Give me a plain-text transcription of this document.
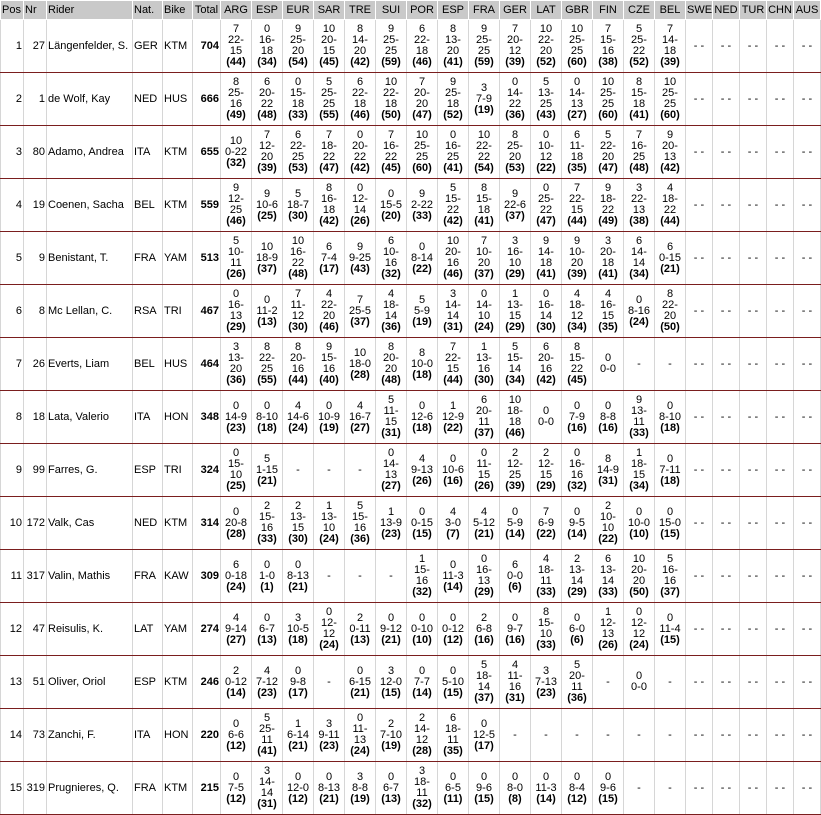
Pos	Nr	Rider	Nat.	Bike	Total	ARG	ESP	EUR	SAR	TRE	SUI	POR	ESP	FRA	GER	LAT	GBR	FIN	CZE	BEL	SWE	NED	TUR	CHN	AUS
1	27	Längenfelder, S.	GER	KTM	704	7
22-
15
(44)	0
16-
18
(34)	9
25-
20
(54)	10
20-
15
(45)	8
14-
20
(42)	9
25-
25
(59)	6
22-
18
(46)	8
13-
20
(41)	9
25-
25
(59)	7
20-
12
(39)	10
22-
20
(52)	10
25-
25
(60)	7
15-
16
(38)	5
25-
22
(52)	7
14-
18
(39)	- -	- -	- -	- -	- -

2	1	de Wolf, Kay	NED	HUS	666	8
25-
16
(49)	6
20-
22
(48)	0
15-
18
(33)	5
25-
25
(55)	6
22-
18
(46)	10
22-
18
(50)	7
20-
20
(47)	9
25-
18
(52)	3
7-9
(19)	0
14-
22
(36)	5
13-
25
(43)	0
14-
13
(27)	10
25-
25
(60)	8
15-
18
(41)	10
25-
25
(60)	- -	- -	- -	- -	- -

3	80	Adamo, Andrea	ITA	KTM	655	10
0-22
(32)	7
12-
20
(39)	6
22-
25
(53)	7
18-
22
(47)	0
20-
22
(42)	7
16-
22
(45)	10
25-
25
(60)	0
16-
25
(41)	10
22-
22
(54)	8
25-
20
(53)	0
10-
12
(22)	6
11-
18
(35)	5
22-
20
(47)	7
16-
25
(48)	9
20-
13
(42)	- -	- -	- -	- -	- -

4	19	Coenen, Sacha	BEL	KTM	559	9
12-
25
(46)	9
10-6
(25)	5
18-7
(30)	8
16-
18
(42)	0
12-
14
(26)	0
15-5
(20)	9
2-22
(33)	5
15-
22
(42)	8
15-
18
(41)	9
22-6
(37)	0
25-
22
(47)	7
22-
15
(44)	9
18-
22
(49)	3
22-
13
(38)	4
18-
22
(44)	- -	- -	- -	- -	- -

5	9	Benistant, T.	FRA	YAM	513	5
10-
11
(26)	10
18-9
(37)	10
16-
22
(48)	6
7-4
(17)	9
9-25
(43)	6
10-
16
(32)	0
8-14
(22)	10
20-
16
(46)	7
10-
20
(37)	3
16-
10
(29)	9
14-
18
(41)	9
10-
20
(39)	3
20-
18
(41)	6
14-
14
(34)	6
0-15
(21)	- -	- -	- -	- -	- -

6	8	Mc Lellan, C.	RSA	TRI	467	0
16-
13
(29)	0
11-2
(13)	7
11-
12
(30)	4
22-
20
(46)	7
25-5
(37)	4
18-
14
(36)	5
5-9
(19)	3
14-
14
(31)	0
14-
10
(24)	1
13-
15
(29)	0
16-
14
(30)	4
18-
12
(34)	4
16-
15
(35)	0
8-16
(24)	8
22-
20
(50)	- -	- -	- -	- -	- -

7	26	Everts, Liam	BEL	HUS	464	3
13-
20
(36)	8
22-
25
(55)	8
20-
16
(44)	9
15-
16
(40)	10
18-0
(28)	8
20-
20
(48)	8
10-0
(18)	7
22-
15
(44)	1
13-
16
(30)	5
15-
14
(34)	6
20-
16
(42)	8
15-
22
(45)	0
0-0	-	-	- -	- -	- -	- -	- -

8	18	Lata, Valerio	ITA	HON	348	0
14-9
(23)	0
8-10
(18)	4
14-6
(24)	0
10-9
(19)	4
16-7
(27)	5
11-
15
(31)	0
12-6
(18)	1
12-9
(22)	6
20-
11
(37)	10
18-
18
(46)	0
0-0	0
7-9
(16)	0
8-8
(16)	9
13-
11
(33)	0
8-10
(18)	- -	- -	- -	- -	- -

9	99	Farres, G.	ESP	TRI	324	0
15-
10
(25)	5
1-15
(21)	-	-	-	0
14-
13
(27)	4
9-13
(26)	0
10-6
(16)	0
11-
15
(26)	2
12-
25
(39)	2
12-
15
(29)	0
16-
16
(32)	8
14-9
(31)	1
18-
15
(34)	0
7-11
(18)	- -	- -	- -	- -	- -

10	172	Valk, Cas	NED	KTM	314	0
20-8
(28)	2
15-
16
(33)	2
13-
15
(30)	1
13-
10
(24)	5
15-
16
(36)	1
13-9
(23)	0
0-15
(15)	4
3-0
(7)	4
5-12
(21)	0
5-9
(14)	7
6-9
(22)	0
9-5
(14)	2
10-
10
(22)	0
10-0
(10)	0
15-0
(15)	- -	- -	- -	- -	- -

11	317	Valin, Mathis	FRA	KAW	309	6
0-18
(24)	0
1-0
(1)	0
8-13
(21)	-	-	-	1
15-
16
(32)	0
11-3
(14)	0
16-
13
(29)	6
0-0
(6)	4
18-
11
(33)	2
13-
14
(29)	6
13-
14
(33)	10
20-
20
(50)	5
16-
16
(37)	- -	- -	- -	- -	- -

12	47	Reisulis, K.	LAT	YAM	274	4
9-14
(27)	0
6-7
(13)	3
10-5
(18)	0
12-
12
(24)	2
0-11
(13)	0
9-12
(21)	0
0-10
(10)	0
0-12
(12)	2
6-8
(16)	0
9-7
(16)	8
15-
10
(33)	0
6-0
(6)	1
12-
13
(26)	0
12-
12
(24)	0
11-4
(15)	- -	- -	- -	- -	- -

13	51	Oliver, Oriol	ESP	KTM	246	2
0-12
(14)	4
7-12
(23)	0
9-8
(17)	-	0
6-15
(21)	3
12-0
(15)	0
7-7
(14)	0
5-10
(15)	5
18-
14
(37)	4
11-
16
(31)	3
7-13
(23)	5
20-
11
(36)	-	0
0-0	-	- -	- -	- -	- -	- -

14	73	Zanchi, F.	ITA	HON	220	0
6-6
(12)	5
25-
11
(41)	1
6-14
(21)	3
9-11
(23)	0
11-
13
(24)	2
7-10
(19)	2
14-
12
(28)	6
18-
11
(35)	0
12-5
(17)	-	-	-	-	-	-	- -	- -	- -	- -	- -

15	319	Prugnieres, Q.	FRA	KTM	215	0
7-5
(12)	3
14-
14
(31)	0
12-0
(12)	0
8-13
(21)	3
8-8
(19)	0
6-7
(13)	3
18-
11
(32)	0
6-5
(11)	0
9-6
(15)	0
8-0
(8)	0
11-3
(14)	0
8-4
(12)	0
9-6
(15)	-	-	- -	- -	- -	- -	- -
